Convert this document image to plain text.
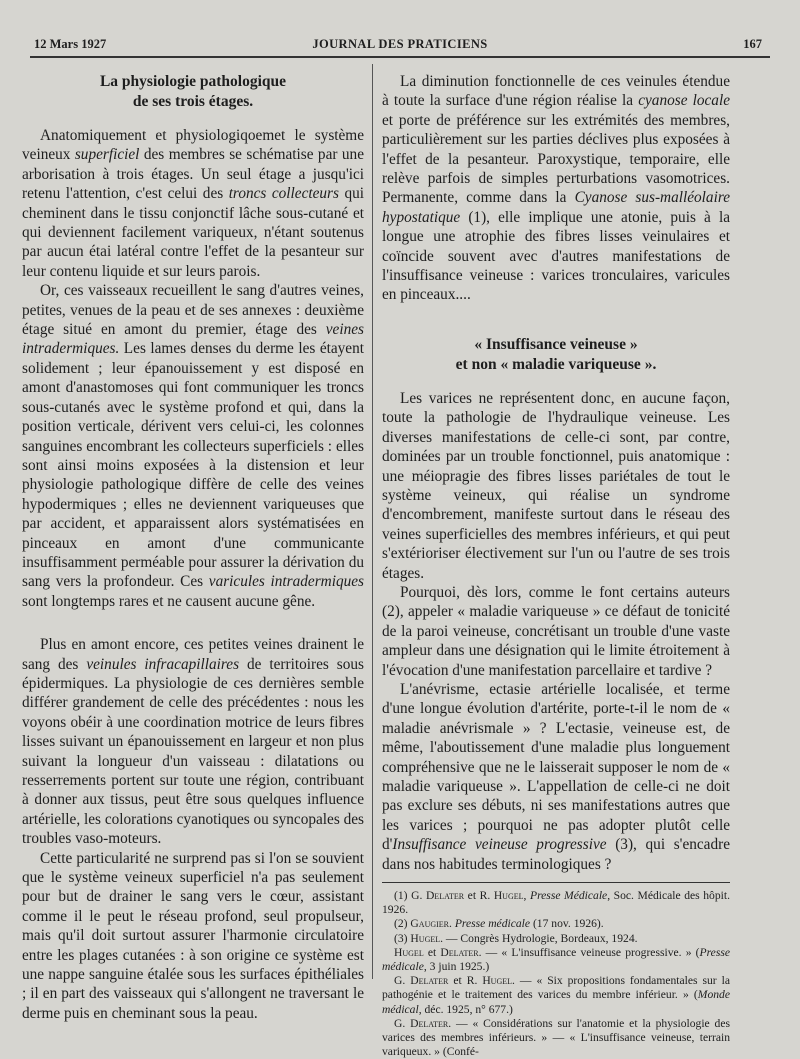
12 Mars 1927	JOURNAL DES PRATICIENS	167
La physiologie pathologique
de ses trois étages.

Anatomiquement et physiologiqoemet le système veineux superficiel des membres se schématise par une arborisation à trois étages. Un seul étage a jusqu'ici retenu l'attention, c'est celui des troncs collecteurs qui cheminent dans le tissu conjonctif lâche sous-cutané et qui deviennent facilement variqueux, n'étant soutenus par aucun étai latéral contre l'effet de la pesanteur sur leur contenu liquide et sur leurs parois.

Or, ces vaisseaux recueillent le sang d'autres veines, petites, venues de la peau et de ses annexes : deuxième étage situé en amont du premier, étage des veines intradermiques. Les lames denses du derme les étayent solidement ; leur épanouissement y est disposé en amont d'anastomoses qui font communiquer les troncs sous-cutanés avec le système profond et qui, dans la position verticale, dérivent vers celui-ci, les colonnes sanguines encombrant les collecteurs superficiels : elles sont ainsi moins exposées à la distension et leur physiologie pathologique diffère de celle des veines hypodermiques ; elles ne deviennent variqueuses que par accident, et apparaissent alors systématisées en pinceaux en amont d'une communicante insuffisamment perméable pour assurer la dérivation du sang vers la profondeur. Ces varicules intradermiques sont longtemps rares et ne causent aucune gêne.

Plus en amont encore, ces petites veines drainent le sang des veinules infracapillaires de territoires sous épidermiques. La physiologie de ces dernières semble différer grandement de celle des précédentes : nous les voyons obéir à une coordination motrice de leurs fibres lisses suivant un épanouissement en largeur et non plus suivant la longueur d'un vaisseau : dilatations ou resserrements portent sur toute une région, contribuant à donner aux tissus, peut être sous quelques influence artérielle, les colorations cyanotiques ou syncopales des troubles vaso-moteurs.

Cette particularité ne surprend pas si l'on se souvient que le système veineux superficiel n'a pas seulement pour but de drainer le sang vers le cœur, assistant comme il le peut le réseau profond, seul propulseur, mais qu'il doit surtout assurer l'harmonie circulatoire entre les plages cutanées : à son origine ce système est une nappe sanguine étalée sous les surfaces épithéliales ; il en part des vaisseaux qui s'allongent ne traversant le derme puis en cheminant sous la peau.

La diminution fonctionnelle de ces veinules étendue à toute la surface d'une région réalise la cyanose locale et porte de préférence sur les extrémités des membres, particulièrement sur les parties déclives plus exposées à l'effet de la pesanteur. Paroxystique, temporaire, elle relève parfois de simples perturbations vasomotrices. Permanente, comme dans la Cyanose sus-malléolaire hypostatique (1), elle implique une atonie, puis à la longue une atrophie des fibres lisses veinulaires et coïncide souvent avec d'autres manifestations de l'insuffisance veineuse : varices tronculaires, varicules en pinceaux....

« Insuffisance veineuse »
et non « maladie variqueuse ».

Les varices ne représentent donc, en aucune façon, toute la pathologie de l'hydraulique veineuse. Les diverses manifestations de celle-ci sont, par contre, dominées par un trouble fonctionnel, puis anatomique : une méiopragie des fibres lisses pariétales de tout le système veineux, qui réalise un syndrome d'encombrement, manifeste surtout dans le réseau des veines superficielles des membres inférieurs, et qui peut s'extérioriser électivement sur l'un ou l'autre de ses trois étages.

Pourquoi, dès lors, comme le font certains auteurs (2), appeler « maladie variqueuse » ce défaut de tonicité de la paroi veineuse, concrétisant un trouble d'une vaste ampleur dans une désignation qui le limite étroitement à l'évocation d'une manifestation parcellaire et tardive ?

L'anévrisme, ectasie artérielle localisée, et terme d'une longue évolution d'artérite, porte-t-il le nom de « maladie anévrismale » ? L'ectasie, veineuse est, de même, l'aboutissement d'une maladie plus longuement compréhensive que ne le laisserait supposer le nom de « maladie variqueuse ». L'appellation de celle-ci ne doit pas exclure ses débuts, ni ses manifestations autres que les varices ; pourquoi ne pas adopter plutôt celle d'Insuffisance veineuse progressive (3), qui s'encadre dans nos habitudes terminologiques ?

(1) G. Delater et R. Hugel, Presse Médicale, Soc. Médicale des hôpit. 1926.

(2) Gaugier. Presse médicale (17 nov. 1926).

(3) Hugel. — Congrès Hydrologie, Bordeaux, 1924.

Hugel et Delater. — « L'insuffisance veineuse progressive. » (Presse médicale, 3 juin 1925.)

G. Delater et R. Hugel. — « Six propositions fondamentales sur la pathogénie et le traitement des varices du membre inférieur. » (Monde médical, déc. 1925, n° 677.)

G. Delater. — « Considérations sur l'anatomie et la physiologie des varices des membres inférieurs. » — « L'insuffisance veineuse, terrain variqueux. » (Confé-
